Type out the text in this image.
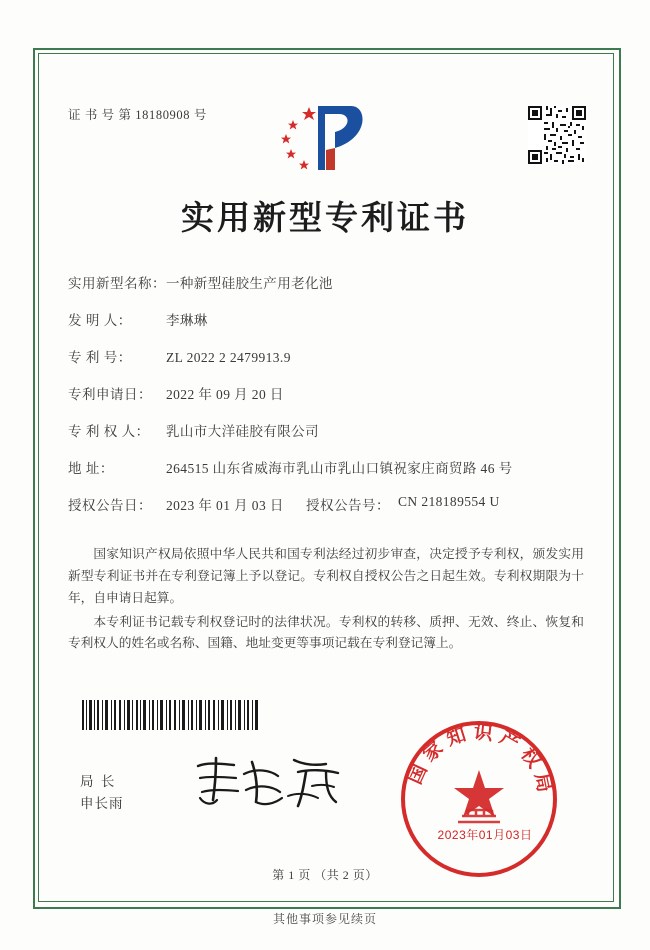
证 书 号 第 18180908 号
实用新型专利证书
实用新型名称：一种新型硅胶生产用老化池
发 明 人：	李琳琳
专 利 号：	ZL 2022 2 2479913.9
专利申请日： 2022 年 09 月 20 日
专 利 权 人： 乳山市大洋硅胶有限公司
地 址：	264515 山东省威海市乳山市乳山口镇祝家庄商贸路 46 号
授权公告日： 2023 年 01 月 03 日 授权公告号： CN 218189554 U

国家知识产权局依照中华人民共和国专利法经过初步审查，决定授予专利权，颁发实用新型专利证书并在专利登记簿上予以登记。专利权自授权公告之日起生效。专利权期限为十年，自申请日起算。

本专利证书记载专利权登记时的法律状况。专利权的转移、质押、无效、终止、恢复和专利权人的姓名或名称、国籍、地址变更等事项记载在专利登记簿上。

局 长
申长雨
国家知识产权局
2023年01月03日
第 1 页 （共 2 页）
其他事项参见续页
